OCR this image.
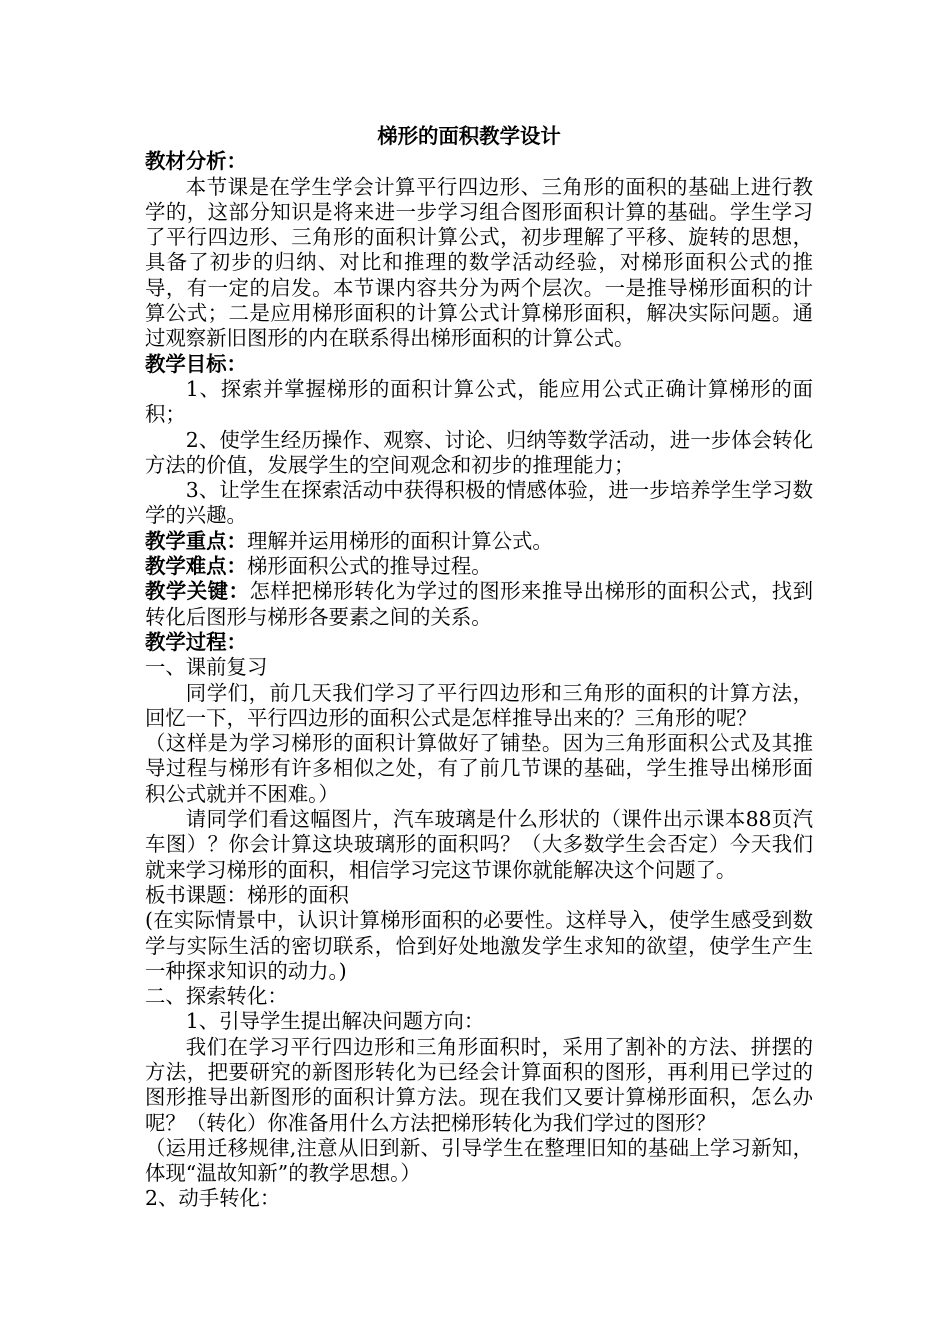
梯形的面积教学设计
教材分析：

本节课是在学生学会计算平行四边形、三角形的面积的基础上进行教学的，这部分知识是将来进一步学习组合图形面积计算的基础。学生学习了平行四边形、三角形的面积计算公式，初步理解了平移、旋转的思想，具备了初步的归纳、对比和推理的数学活动经验，对梯形面积公式的推导，有一定的启发。本节课内容共分为两个层次。一是推导梯形面积的计算公式；二是应用梯形面积的计算公式计算梯形面积，解决实际问题。通过观察新旧图形的内在联系得出梯形面积的计算公式。

教学目标：

1、探索并掌握梯形的面积计算公式，能应用公式正确计算梯形的面积；

2、使学生经历操作、观察、讨论、归纳等数学活动，进一步体会转化方法的价值，发展学生的空间观念和初步的推理能力；

3、让学生在探索活动中获得积极的情感体验，进一步培养学生学习数学的兴趣。

教学重点：理解并运用梯形的面积计算公式。

教学难点：梯形面积公式的推导过程。

教学关键：怎样把梯形转化为学过的图形来推导出梯形的面积公式，找到转化后图形与梯形各要素之间的关系。

教学过程：

一、课前复习

同学们，前几天我们学习了平行四边形和三角形的面积的计算方法，回忆一下，平行四边形的面积公式是怎样推导出来的？三角形的呢？

（这样是为学习梯形的面积计算做好了铺垫。因为三角形面积公式及其推导过程与梯形有许多相似之处，有了前几节课的基础，学生推导出梯形面积公式就并不困难。）

请同学们看这幅图片，汽车玻璃是什么形状的（课件出示课本88页汽车图）？你会计算这块玻璃形的面积吗？（大多数学生会否定）今天我们就来学习梯形的面积，相信学习完这节课你就能解决这个问题了。

板书课题：梯形的面积

(在实际情景中，认识计算梯形面积的必要性。这样导入，使学生感受到数学与实际生活的密切联系，恰到好处地激发学生求知的欲望，使学生产生一种探求知识的动力。)

二、探索转化：

1、引导学生提出解决问题方向：

我们在学习平行四边形和三角形面积时，采用了割补的方法、拼摆的方法，把要研究的新图形转化为已经会计算面积的图形，再利用已学过的图形推导出新图形的面积计算方法。现在我们又要计算梯形面积，怎么办呢？（转化）你准备用什么方法把梯形转化为我们学过的图形？

（运用迁移规律,注意从旧到新、引导学生在整理旧知的基础上学习新知，体现“温故知新”的教学思想。）

2、动手转化：
